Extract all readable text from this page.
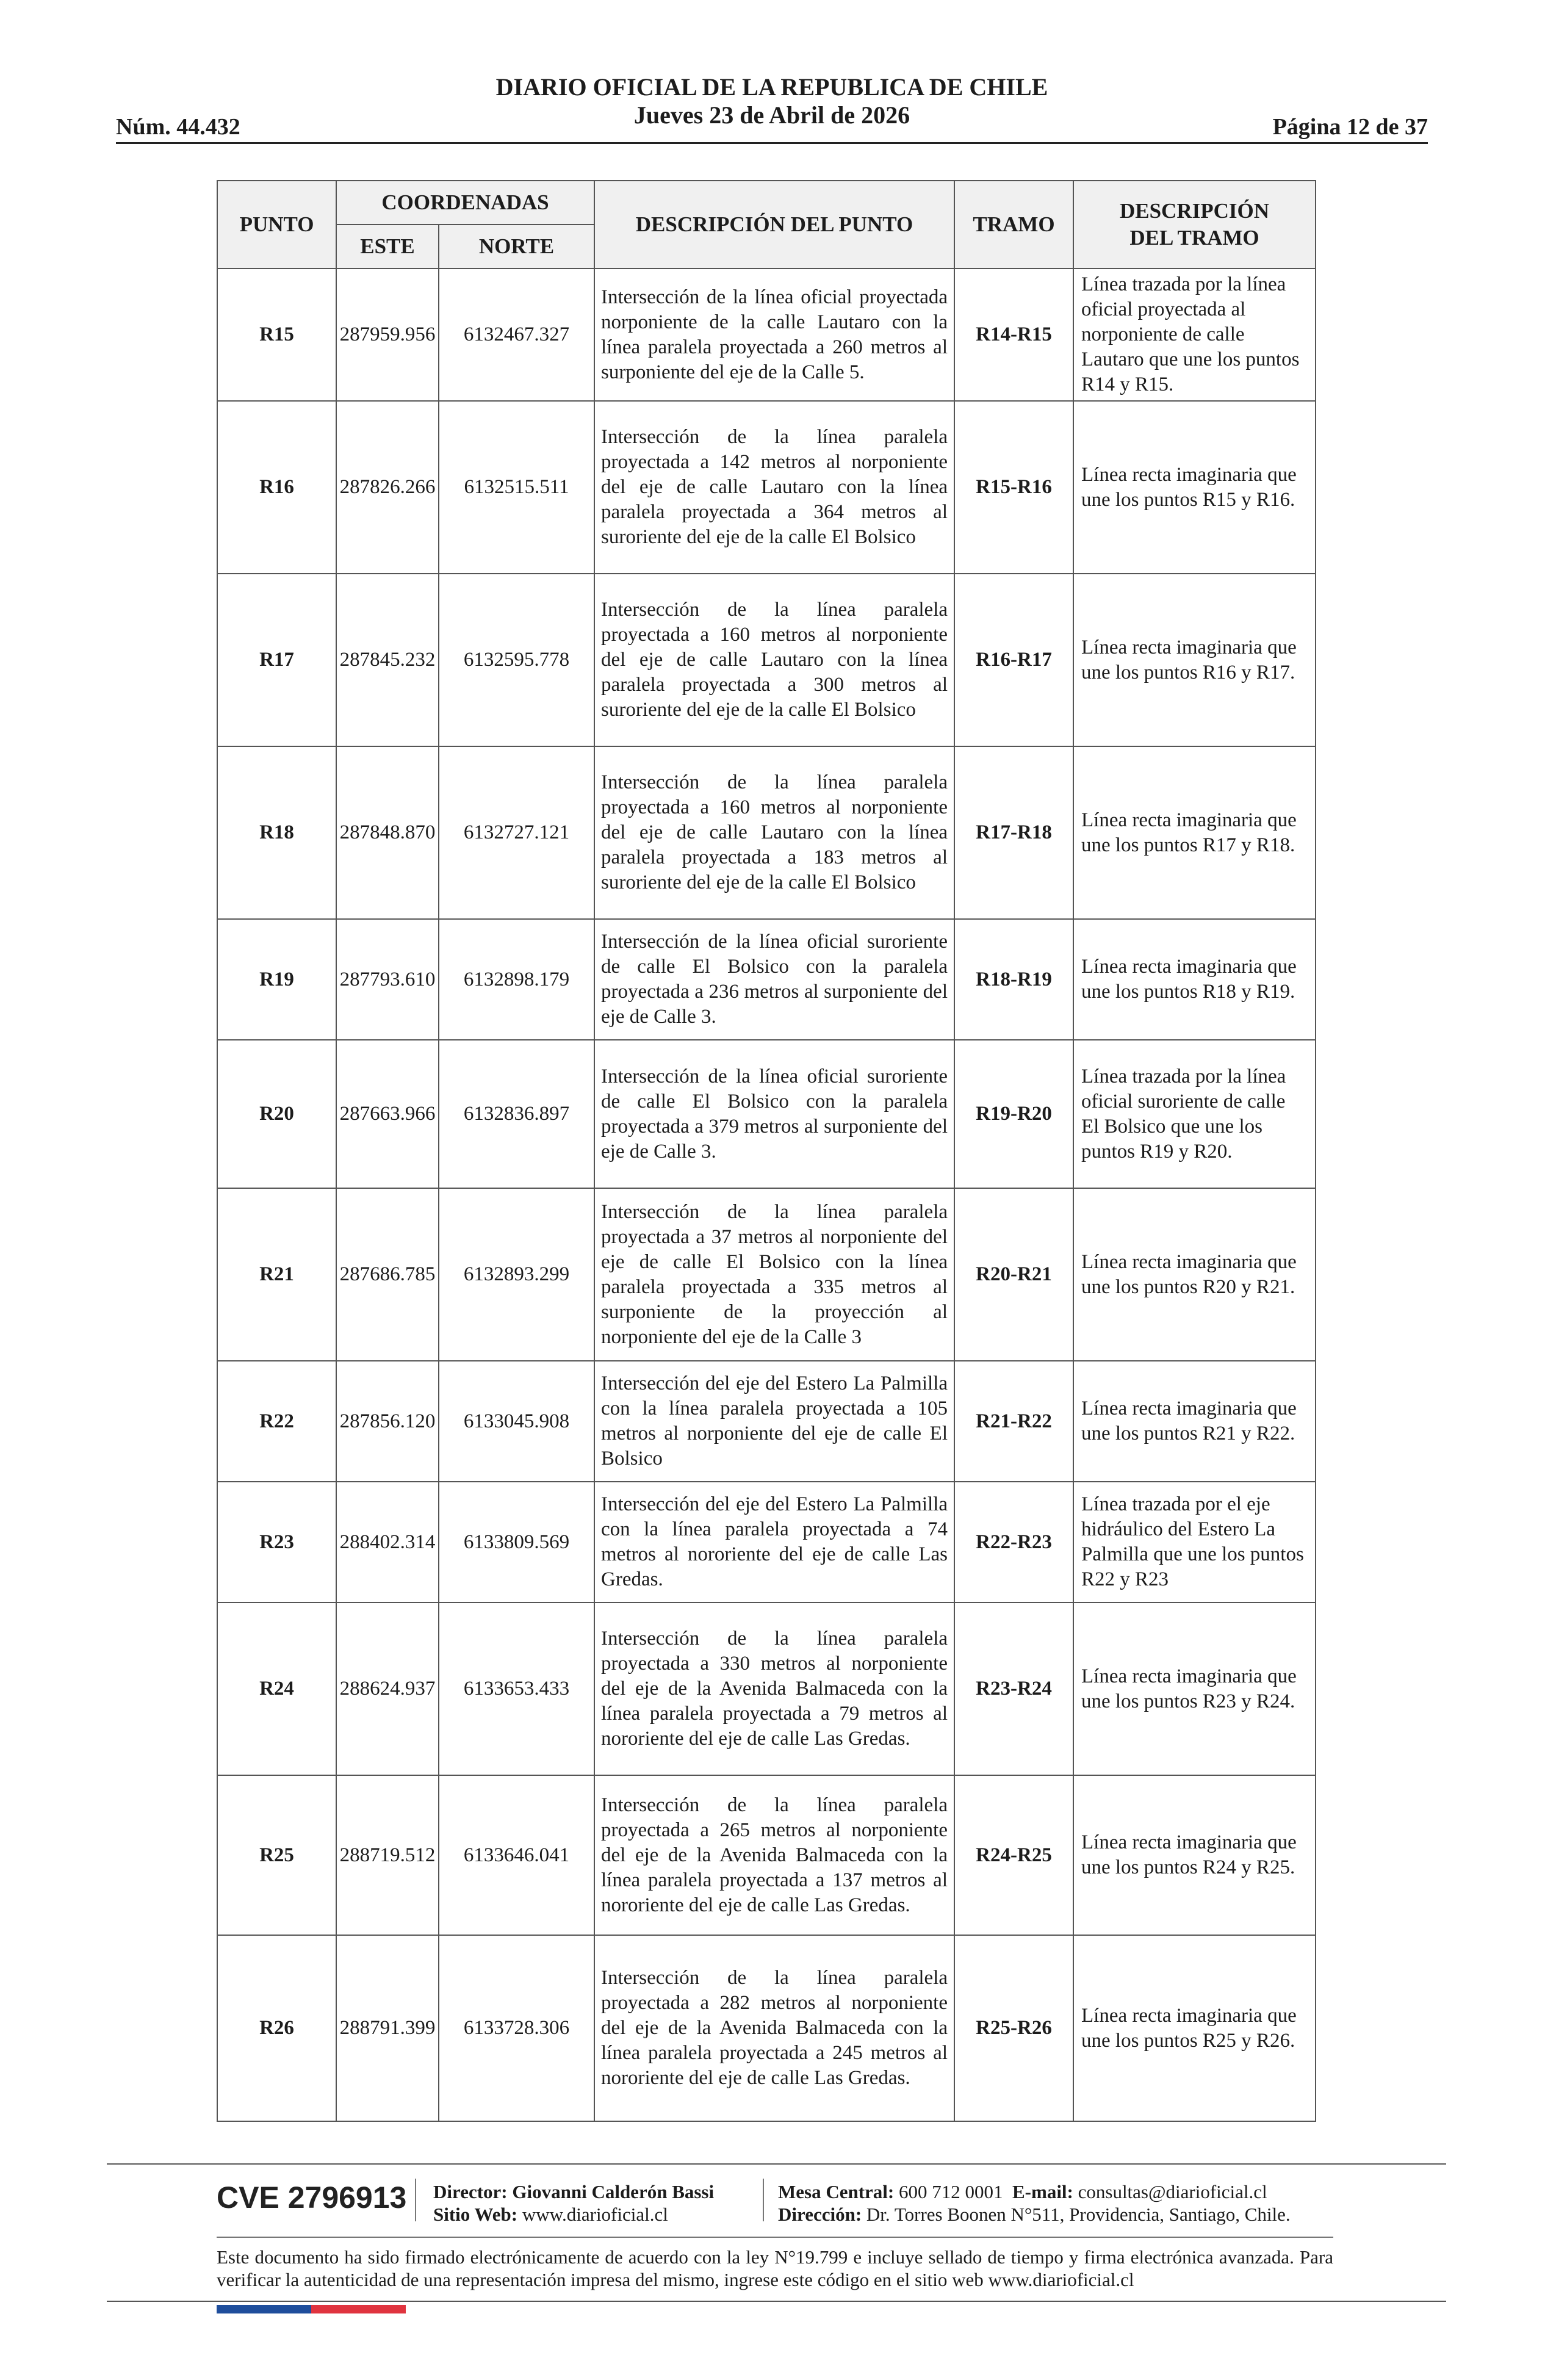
DIARIO OFICIAL DE LA REPUBLICA DE CHILE
Jueves 23 de Abril de 2026
Núm. 44.432	Página 12 de 37
PUNTO	COORDENADAS		DESCRIPCIÓN DEL PUNTO	TRAMO	DESCRIPCIÓN
DEL TRAMO
	ESTE	NORTE			
R15	287959.956	6132467.327	Intersección de la línea oficial proyectada norponiente de la calle Lautaro con la línea paralela proyectada a 260 metros al surponiente del eje de la Calle 5.	R14-R15	Línea trazada por la línea oficial proyectada al norponiente de calle Lautaro que une los puntos R14 y R15.
R16	287826.266	6132515.511	Intersección de la línea paralela proyectada a 142 metros al norponiente del eje de calle Lautaro con la línea paralela proyectada a 364 metros al suroriente del eje de la calle El Bolsico	R15-R16	Línea recta imaginaria que une los puntos R15 y R16.
R17	287845.232	6132595.778	Intersección de la línea paralela proyectada a 160 metros al norponiente del eje de calle Lautaro con la línea paralela proyectada a 300 metros al suroriente del eje de la calle El Bolsico	R16-R17	Línea recta imaginaria que une los puntos R16 y R17.
R18	287848.870	6132727.121	Intersección de la línea paralela proyectada a 160 metros al norponiente del eje de calle Lautaro con la línea paralela proyectada a 183 metros al suroriente del eje de la calle El Bolsico	R17-R18	Línea recta imaginaria que une los puntos R17 y R18.
R19	287793.610	6132898.179	Intersección de la línea oficial suroriente de calle El Bolsico con la paralela proyectada a 236 metros al surponiente del eje de Calle 3.	R18-R19	Línea recta imaginaria que une los puntos R18 y R19.
R20	287663.966	6132836.897	Intersección de la línea oficial suroriente de calle El Bolsico con la paralela proyectada a 379 metros al surponiente del eje de Calle 3.	R19-R20	Línea trazada por la línea oficial suroriente de calle El Bolsico que une los puntos R19 y R20.
R21	287686.785	6132893.299	Intersección de la línea paralela proyectada a 37 metros al norponiente del eje de calle El Bolsico con la línea paralela proyectada a 335 metros al surponiente de la proyección al norponiente del eje de la Calle 3	R20-R21	Línea recta imaginaria que une los puntos R20 y R21.
R22	287856.120	6133045.908	Intersección del eje del Estero La Palmilla con la línea paralela proyectada a 105 metros al norponiente del eje de calle El Bolsico	R21-R22	Línea recta imaginaria que une los puntos R21 y R22.
R23	288402.314	6133809.569	Intersección del eje del Estero La Palmilla con la línea paralela proyectada a 74 metros al nororiente del eje de calle Las Gredas.	R22-R23	Línea trazada por el eje hidráulico del Estero La Palmilla que une los puntos R22 y R23
R24	288624.937	6133653.433	Intersección de la línea paralela proyectada a 330 metros al norponiente del eje de la Avenida Balmaceda con la línea paralela proyectada a 79 metros al nororiente del eje de calle Las Gredas.	R23-R24	Línea recta imaginaria que une los puntos R23 y R24.
R25	288719.512	6133646.041	Intersección de la línea paralela proyectada a 265 metros al norponiente del eje de la Avenida Balmaceda con la línea paralela proyectada a 137 metros al nororiente del eje de calle Las Gredas.	R24-R25	Línea recta imaginaria que une los puntos R24 y R25.
R26	288791.399	6133728.306	Intersección de la línea paralela proyectada a 282 metros al norponiente del eje de la Avenida Balmaceda con la línea paralela proyectada a 245 metros al nororiente del eje de calle Las Gredas.	R25-R26	Línea recta imaginaria que une los puntos R25 y R26.
CVE 2796913 Director: Giovanni Calderón Bassi
Sitio Web: www.diarioficial.cl
Mesa Central: 600 712 0001 E-mail: consultas@diarioficial.cl
Dirección: Dr. Torres Boonen N°511, Providencia, Santiago, Chile.
Este documento ha sido firmado electrónicamente de acuerdo con la ley N°19.799 e incluye sellado de tiempo y firma electrónica avanzada. Para verificar la autenticidad de una representación impresa del mismo, ingrese este código en el sitio web www.diarioficial.cl
